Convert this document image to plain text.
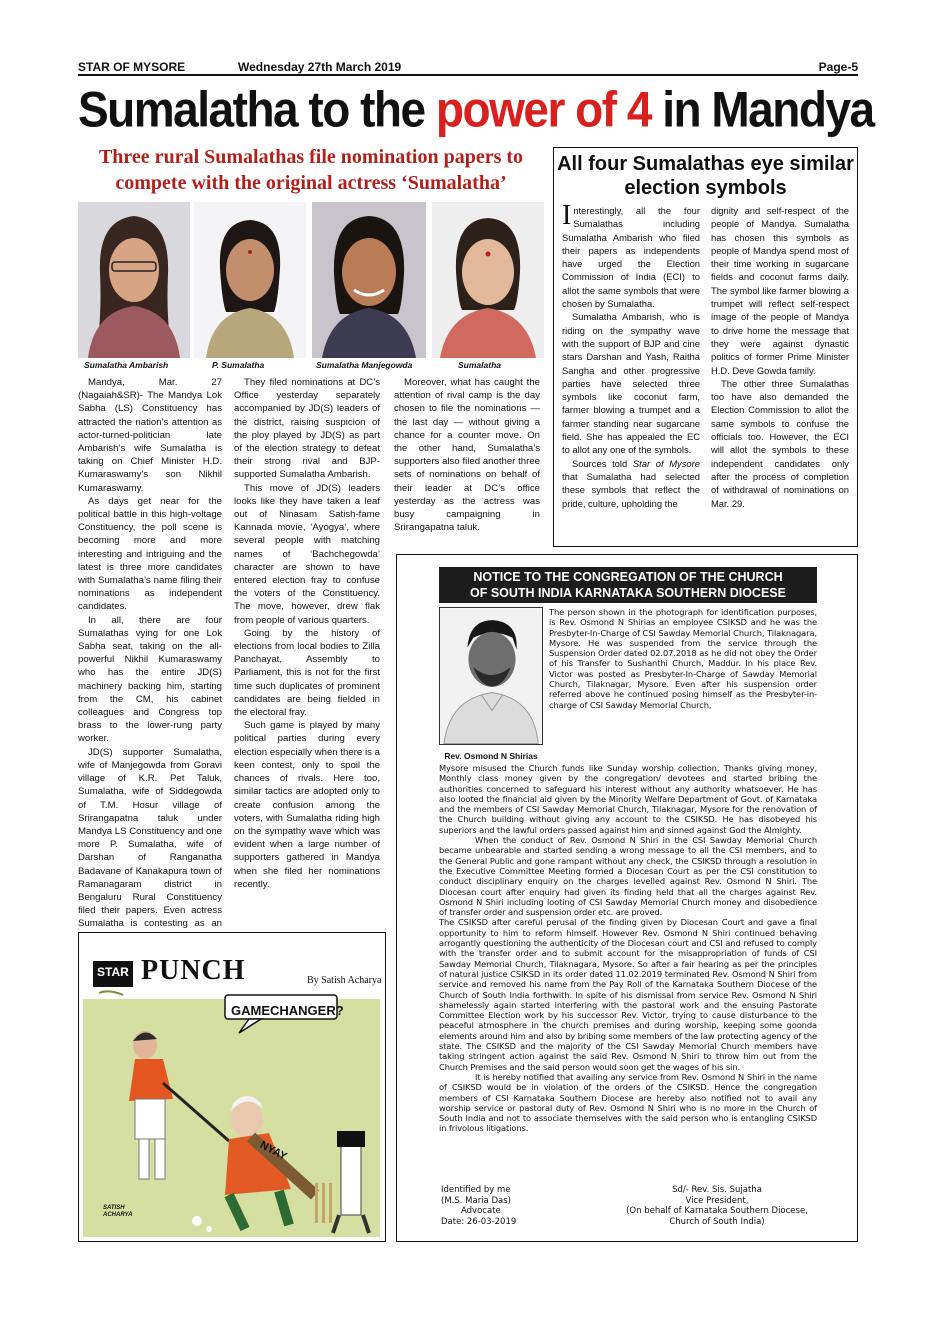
STAR OF MYSORE	Wednesday 27th March 2019	Page-5
Sumalatha to the power of 4 in Mandya
Three rural Sumalathas file nomination papers to compete with the original actress ‘Sumalatha’
Sumalatha Ambarish	P. Sumalatha	Sumalatha Manjegowda	Sumalatha

Mandya, Mar. 27 (Nagaiah&SR)- The Mandya Lok Sabha (LS) Constituency has attracted the nation’s attention as actor-turned-politician late Ambarish’s wife Sumalatha is taking on Chief Minister H.D. Kumaraswamy’s son Nikhil Kumaraswamy.

As days get near for the political battle in this high-voltage Constituency, the poll scene is becoming more and more interesting and intriguing and the latest is three more candidates with Sumalatha’s name filing their nominations as independent candidates.

In all, there are four Sumalathas vying for one Lok Sabha seat, taking on the all-powerful Nikhil Kumaraswamy who has the entire JD(S) machinery backing him, starting from the CM, his cabinet colleagues and Congress top brass to the lower-rung party worker.

JD(S) supporter Sumalatha, wife of Manjegowda from Goravi village of K.R. Pet Taluk, Sumalatha, wife of Siddegowda of T.M. Hosur village of Srirangapatna taluk under Mandya LS Constituency and one more P. Sumalatha, wife of Darshan of Ranganatha Badavane of Kanakapura town of Ramanagaram district in Bengaluru Rural Constituency filed their papers. Even actress Sumalatha is contesting as an

They filed nominations at DC’s Office yesterday separately accompanied by JD(S) leaders of the district, raising suspicion of the ploy played by JD(S) as part of the election strategy to defeat their strong rival and BJP-supported Sumalatha Ambarish.

This move of JD(S) leaders looks like they have taken a leaf out of Ninasam Satish-fame Kannada movie, ‘Ayogya’, where several people with matching names of ‘Bachchegowda’ character are shown to have entered election fray to confuse the voters of the Constituency. The move, however, drew flak from people of various quarters.

Going by the history of elections from local bodies to Zilla Panchayat, Assembly to Parliament, this is not for the first time such duplicates of prominent candidates are being fielded in the electoral fray.

Such game is played by many political parties during every election especially when there is a keen contest, only to spoil the chances of rivals. Here too, similar tactics are adopted only to create confusion among the voters, with Sumalatha riding high on the sympathy wave which was evident when a large number of supporters gathered in Mandya when she filed her nominations recently.

Moreover, what has caught the attention of rival camp is the day chosen to file the nominations — the last day — without giving a chance for a counter move. On the other hand, Sumalatha’s supporters also filed another three sets of nominations on behalf of their leader at DC’s office yesterday as the actress was busy campaigning in Srirangapatna taluk.

All four Sumalathas eye similar election symbols

Interestingly, all the four Sumalathas including Sumalatha Ambarish who filed their papers as independents have urged the Election Commission of India (ECI) to allot the same symbols that were chosen by Sumalatha.

Sumalatha Ambarish, who is riding on the sympathy wave with the support of BJP and cine stars Darshan and Yash, Raitha Sangha and other progressive parties have selected three symbols like coconut farm, farmer blowing a trumpet and a farmer standing near sugarcane field. She has appealed the EC to allot any one of the symbols.

Sources told Star of Mysore that Sumalatha had selected these symbols that reflect the pride, culture, upholding the

dignity and self-respect of the people of Mandya. Sumalatha has chosen this symbols as people of Mandya spend most of their time working in sugarcane fields and coconut farms daily. The symbol like farmer blowing a trumpet will reflect self-respect image of the people of Mandya to drive home the message that they were against dynastic politics of former Prime Minister H.D. Deve Gowda family.

The other three Sumalathas too have also demanded the Election Commission to allot the same symbols to confuse the officials too. However, the ECI will allot the symbols to these independent candidates only after the process of completion of withdrawal of nominations on Mar. 29.

NOTICE TO THE CONGREGATION OF THE CHURCH
OF SOUTH INDIA KARNATAKA SOUTHERN DIOCESE
Rev. Osmond N Shirias
The person shown in the photograph for identification purposes, is Rev. Osmond N Shirias an employee CSIKSD and he was the Presbyter-In-Charge of CSI Sawday Memorial Church, Tilaknagara, Mysore. He was suspended from the service through the Suspension Order dated 02.07.2018 as he did not obey the Order of his Transfer to Sushanthi Church, Maddur. In his place Rev. Victor was posted as Presbyter-In-Charge of Sawday Memorial Church, Tilaknagar, Mysore. Even after his suspension order referred above he continued posing himself as the Presbyter-in-charge of CSI Sawday Memorial Church,

Mysore misused the Church funds like Sunday worship collection, Thanks giving money, Monthly class money given by the congregation/ devotees and started bribing the authorities concerned to safeguard his interest without any authority whatsoever. He has also looted the financial aid given by the Minority Welfare Department of Govt. of Karnataka and the members of CSI Sawday Memorial Church, Tilaknagar, Mysore for the renovation of the Church building without giving any account to the CSIKSD. He has disobeyed his superiors and the lawful orders passed against him and sinned against God the Almighty.

When the conduct of Rev. Osmond N Shiri in the CSI Sawday Memorial Church became unbearable and started sending a wrong message to all the CSI members, and to the General Public and gone rampant without any check, the CSIKSD through a resolution in the Executive Committee Meeting formed a Diocesan Court as per the CSI constitution to conduct disciplinary enquiry on the charges levelled against Rev. Osmond N Shiri. The Diocesan court after enquiry had given its finding held that all the charges against Rev. Osmond N Shiri including looting of CSI Sawday Memorial Church money and disobedience of transfer order and suspension order etc. are proved.

The CSIKSD after careful perusal of the finding given by Diocesan Court and gave a final opportunity to him to reform himself. However Rev. Osmond N Shiri continued behaving arrogantly questioning the authenticity of the Diocesan court and CSI and refused to comply with the transfer order and to submit account for the misappropriation of funds of CSI Sawday Memorial Church, Tilaknagara, Mysore. So after a fair hearing as per the principles of natural justice CSIKSD in its order dated 11.02.2019 terminated Rev. Osmond N Shiri from service and removed his name from the Pay Roll of the Karnataka Southern Diocese of the Church of South India forthwith. In spite of his dismissal from service Rev. Osmond N Shiri shamelessly again started interfering with the pastoral work and the ensuing Pastorate Committee Election work by his successor Rev. Victor, trying to cause disturbance to the peaceful atmosphere in the church premises and during worship, keeping some goonda elements around him and also by bribing some members of the law protecting agency of the state. The CSIKSD and the majority of the CSI Sawday Memorial Church members have taking stringent action against the said Rev. Osmond N Shiri to throw him out from the Church Premises and the said person would soon get the wages of his sin.

It is hereby notified that availing any service from Rev. Osmond N Shiri in the name of CSIKSD would be in violation of the orders of the CSIKSD. Hence the congregation members of CSI Karnataka Southern Diocese are hereby also notified not to avail any worship service or pastoral duty of Rev. Osmond N Shiri who is no more in the Church of South India and not to associate themselves with the said person who is entangling CSIKSD in frivolous litigations.

Identified by me
(M.S. Maria Das)
Advocate
Date: 26-03-2019
Sd/- Rev. Sis. Sujatha
Vice President,
(On behalf of Karnataka Southern Diocese,
Church of South India)
STAR PUNCH	By Satish Acharya
GAMECHANGER?
NYAY
SATISH
ACHARYA
